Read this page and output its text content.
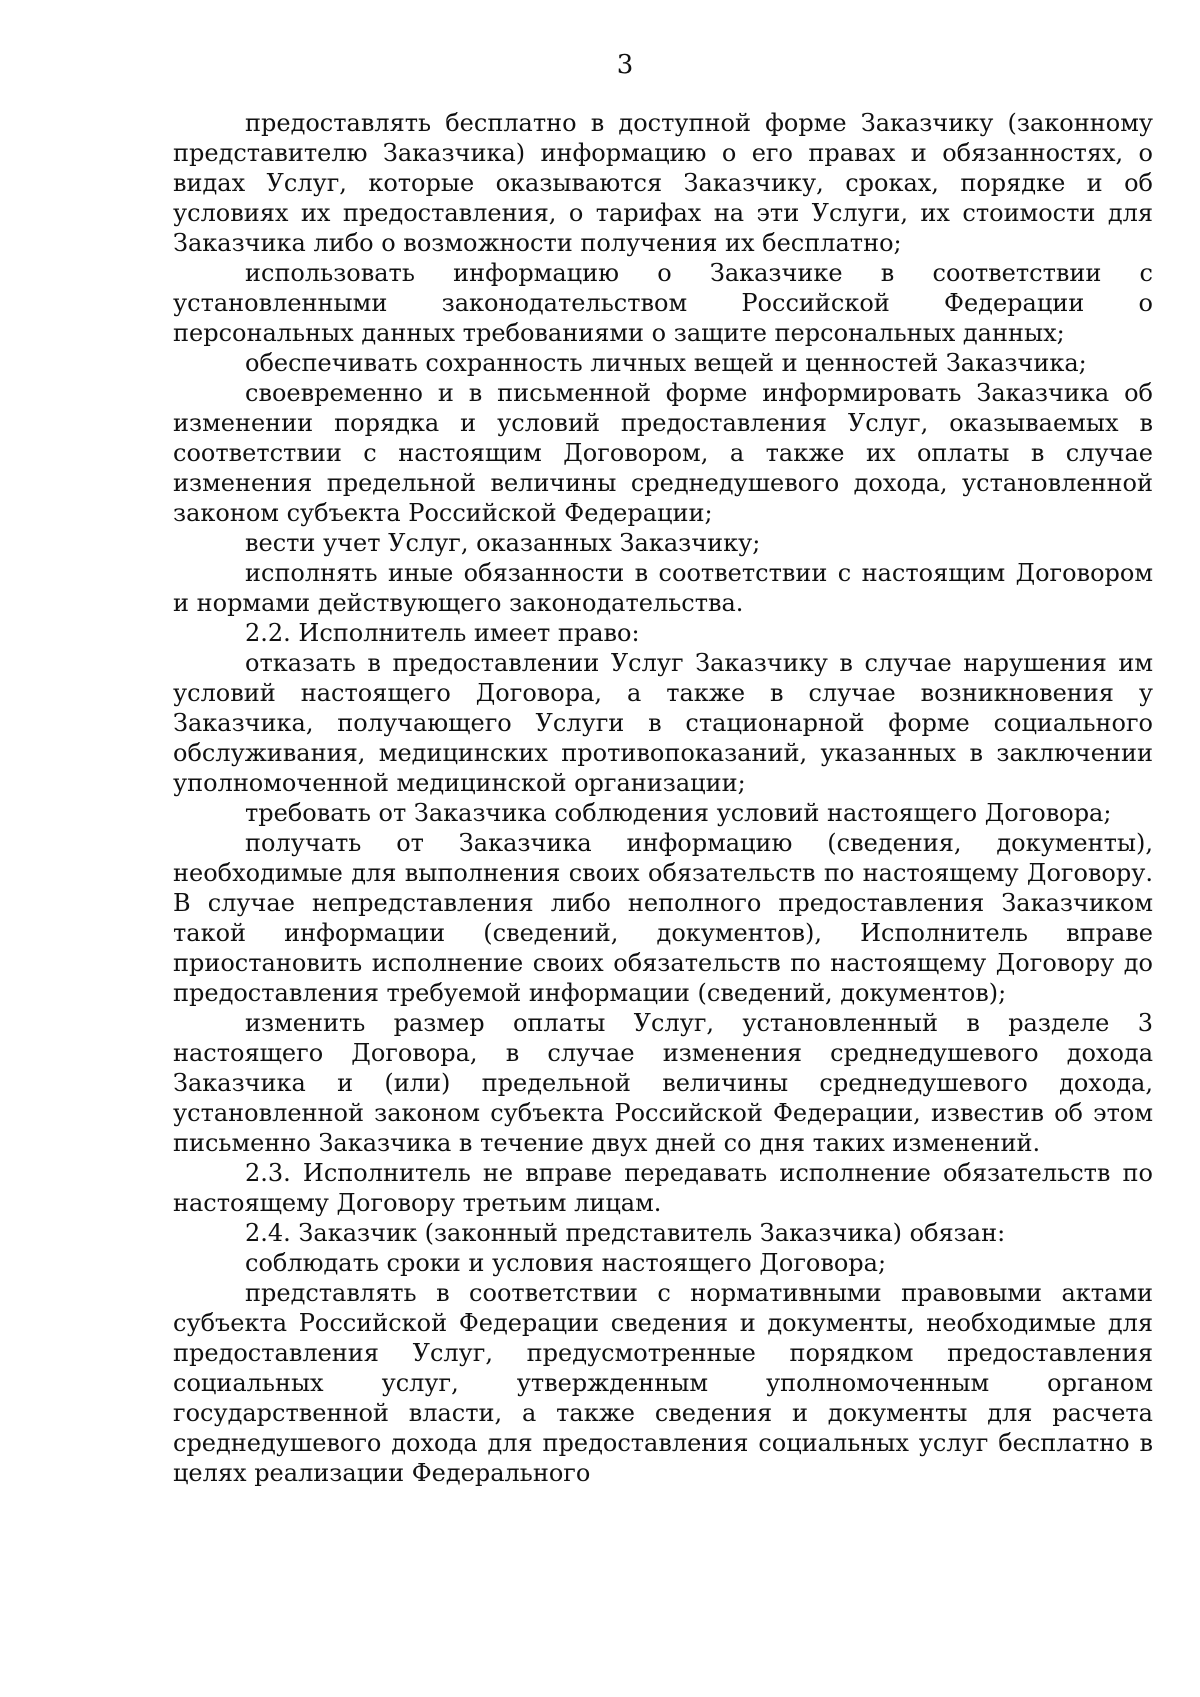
3

предоставлять бесплатно в доступной форме Заказчику (законному представителю Заказчика) информацию о его правах и обязанностях, о видах Услуг, которые оказываются Заказчику, сроках, порядке и об условиях их предоставления, о тарифах на эти Услуги, их стоимости для Заказчика либо о возможности получения их бесплатно;

использовать информацию о Заказчике в соответствии с установленными законодательством Российской Федерации о персональных данных требованиями о защите персональных данных;

обеспечивать сохранность личных вещей и ценностей Заказчика;

своевременно и в письменной форме информировать Заказчика об изменении порядка и условий предоставления Услуг, оказываемых в соответствии с настоящим Договором, а также их оплаты в случае изменения предельной величины среднедушевого дохода, установленной законом субъекта Российской Федерации;

вести учет Услуг, оказанных Заказчику;

исполнять иные обязанности в соответствии с настоящим Договором и нормами действующего законодательства.

2.2. Исполнитель имеет право:

отказать в предоставлении Услуг Заказчику в случае нарушения им условий настоящего Договора, а также в случае возникновения у Заказчика, получающего Услуги в стационарной форме социального обслуживания, медицинских противопоказаний, указанных в заключении уполномоченной медицинской организации;

требовать от Заказчика соблюдения условий настоящего Договора;

получать от Заказчика информацию (сведения, документы), необходимые для выполнения своих обязательств по настоящему Договору. В случае непредставления либо неполного предоставления Заказчиком такой информации (сведений, документов), Исполнитель вправе приостановить исполнение своих обязательств по настоящему Договору до предоставления требуемой информации (сведений, документов);

изменить размер оплаты Услуг, установленный в разделе 3 настоящего Договора, в случае изменения среднедушевого дохода Заказчика и (или) предельной величины среднедушевого дохода, установленной законом субъекта Российской Федерации, известив об этом письменно Заказчика в течение двух дней со дня таких изменений.

2.3. Исполнитель не вправе передавать исполнение обязательств по настоящему Договору третьим лицам.

2.4. Заказчик (законный представитель Заказчика) обязан:

соблюдать сроки и условия настоящего Договора;

представлять в соответствии с нормативными правовыми актами субъекта Российской Федерации сведения и документы, необходимые для предоставления Услуг, предусмотренные порядком предоставления социальных услуг, утвержденным уполномоченным органом государственной власти, а также сведения и документы для расчета среднедушевого дохода для предоставления социальных услуг бесплатно в целях реализации Федерального
